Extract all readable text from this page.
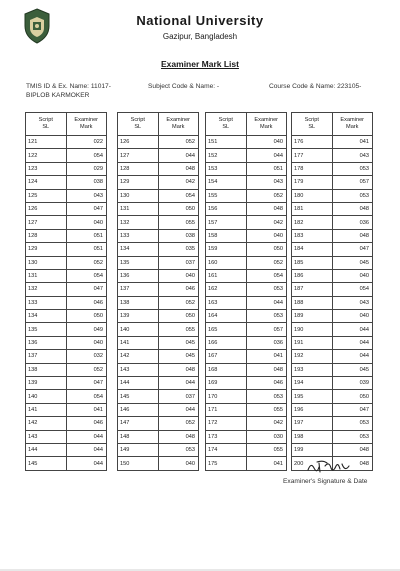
National University
Gazipur, Bangladesh
Examiner Mark List
TMIS ID & Ex. Name: 11017-
BIPLOB KARMOKER
Subject Code & Name: -	Course Code & Name: 223105-
Script
SL	Examiner
Mark
121	022
122	054
123	029
124	038
125	043
126	047
127	040
128	051
129	051
130	052
131	054
132	047
133	046
134	050
135	049
136	040
137	032
138	052
139	047
140	054
141	041
142	046
143	044
144	044
145	044
Script
SL	Examiner
Mark
126	052
127	044
128	048
129	042
130	054
131	050
132	055
133	038
134	035
135	037
136	040
137	046
138	052
139	050
140	055
141	045
142	045
143	048
144	044
145	037
146	044
147	052
148	048
149	053
150	040
Script
SL	Examiner
Mark
151	040
152	044
153	051
154	043
155	052
156	048
157	042
158	040
159	050
160	052
161	054
162	053
163	044
164	053
165	057
166	036
167	041
168	048
169	046
170	053
171	055
172	042
173	030
174	055
175	041
Script
SL	Examiner
Mark
176	041
177	043
178	053
179	057
180	053
181	048
182	036
183	048
184	047
185	045
186	040
187	054
188	043
189	040
190	044
191	044
192	044
193	045
194	039
195	050
196	047
197	053
198	053
199	048
200	048
Examiner's Signature & Date
